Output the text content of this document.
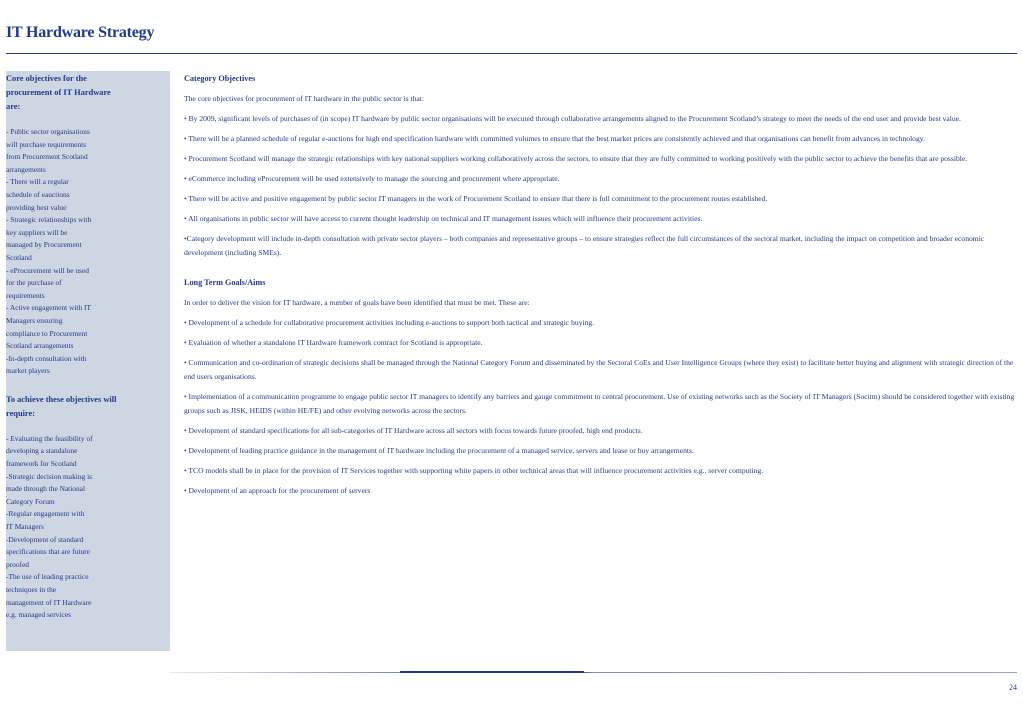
IT Hardware Strategy
Core objectives for the procurement of IT Hardware are:
- Public sector organisations
will purchase requirements
from Procurement Scotland
arrangements
- There will a regular
schedule of eauctions
providing best value
- Strategic relationships with
key suppliers will be
managed by Procurement
Scotland
- eProcurement will be used
for the purchase of
requirements
- Active engagement with IT
Managers ensuring
compliance to Procurement
Scotland arrangements
-In-depth consultation with
market players
To achieve these objectives will require:
- Evaluating the feasibility of
developing a standalone
framework for Scotland
-Strategic decision making is
made through the National
Category Forum
-Regular engagement with
IT Managers
-Development of standard
specifications that are future
proofed
-The use of leading practice
techniques in the
management of IT Hardware
e.g. managed services

Category Objectives

The core objectives for procurement of IT hardware in the public sector is that:

• By 2009, significant levels of purchases of (in scope) IT hardware by public sector organisations will be executed through collaborative arrangements aligned to the Procurement Scotland’s strategy to meet the needs of the end user and provide best value.

• There will be a planned schedule of regular e-auctions for high end specification hardware with committed volumes to ensure that the best market prices are consistently achieved and that organisations can benefit from advances in technology.

• Procurement Scotland will manage the strategic relationships with key national suppliers working collaboratively across the sectors, to ensure that they are fully committed to working positively with the public sector to achieve the benefits that are possible.

• eCommerce including eProcurement will be used extensively to manage the sourcing and procurement where appropriate.

• There will be active and positive engagement by public sector IT managers in the work of Procurement Scotland to ensure that there is full commitment to the procurement routes established.

• All organisations in public sector will have access to current thought leadership on technical and IT management issues which will influence their procurement activities.

•Category development will include in-depth consultation with private sector players – both companies and representative groups – to ensure strategies reflect the full circumstances of the sectoral market, including the impact on competition and broader economic development (including SMEs).

Long Term Goals/Aims

In order to deliver the vision for IT hardware, a number of goals have been identified that must be met. These are:

• Development of a schedule for collaborative procurement activities including e-auctions to support both tactical and strategic buying.

• Evaluation of whether a standalone IT Hardware framework contract for Scotland is appropriate.

• Communication and co-ordination of strategic decisions shall be managed through the National Category Forum and disseminated by the Sectoral CoEs and User Intelligence Groups (where they exist) to facilitate better buying and alignment with strategic direction of the end users organisations.

• Implementation of a communication programme to engage public sector IT managers to identify any barriers and gauge commitment to central procurement. Use of existing networks such as the Society of IT Managers (Socitm) should be considered together with existing groups such as JISK, HEIDS (within HE/FE) and other evolving networks across the sectors.

• Development of standard specifications for all sub-categories of IT Hardware across all sectors with focus towards future proofed, high end products.

• Development of leading practice guidance in the management of IT hardware including the procurement of a managed service, servers and lease or buy arrangements.

• TCO models shall be in place for the provision of IT Services together with supporting white papers in other technical areas that will influence procurement activities e.g.. server computing.

• Development of an approach for the procurement of servers

24
